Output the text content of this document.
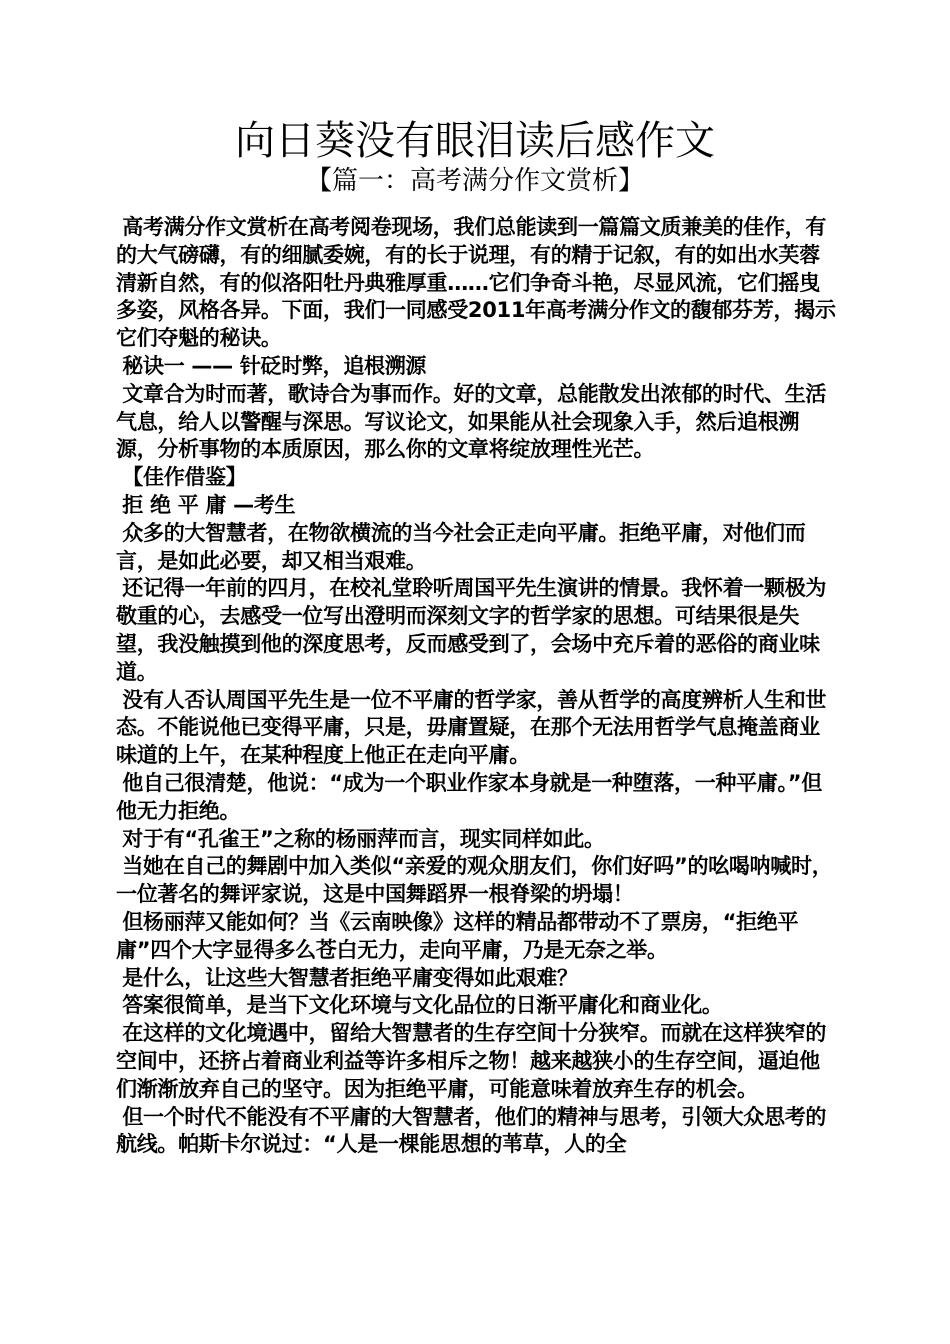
向日葵没有眼泪读后感作文
【篇一：高考满分作文赏析】

高考满分作文赏析在高考阅卷现场，我们总能读到一篇篇文质兼美的佳作，有的大气磅礴，有的细腻委婉，有的长于说理，有的精于记叙，有的如出水芙蓉清新自然，有的似洛阳牡丹典雅厚重……它们争奇斗艳，尽显风流，它们摇曳多姿，风格各异。下面，我们一同感受2011年高考满分作文的馥郁芬芳，揭示它们夺魁的秘诀。

秘诀一 —— 针砭时弊，追根溯源

文章合为时而著，歌诗合为事而作。好的文章，总能散发出浓郁的时代、生活气息，给人以警醒与深思。写议论文，如果能从社会现象入手，然后追根溯源，分析事物的本质原因，那么你的文章将绽放理性光芒。

【佳作借鉴】

拒 绝 平 庸 —考生

众多的大智慧者，在物欲横流的当今社会正走向平庸。拒绝平庸，对他们而言，是如此必要，却又相当艰难。

还记得一年前的四月，在校礼堂聆听周国平先生演讲的情景。我怀着一颗极为敬重的心，去感受一位写出澄明而深刻文字的哲学家的思想。可结果很是失望，我没触摸到他的深度思考，反而感受到了，会场中充斥着的恶俗的商业味道。

没有人否认周国平先生是一位不平庸的哲学家，善从哲学的高度辨析人生和世态。不能说他已变得平庸，只是，毋庸置疑，在那个无法用哲学气息掩盖商业味道的上午，在某种程度上他正在走向平庸。

他自己很清楚，他说：“成为一个职业作家本身就是一种堕落，一种平庸。”但他无力拒绝。

对于有“孔雀王”之称的杨丽萍而言，现实同样如此。

当她在自己的舞剧中加入类似“亲爱的观众朋友们，你们好吗”的吆喝呐喊时，一位著名的舞评家说，这是中国舞蹈界一根脊梁的坍塌！

但杨丽萍又能如何？当《云南映像》这样的精品都带动不了票房，“拒绝平庸”四个大字显得多么苍白无力，走向平庸，乃是无奈之举。

是什么，让这些大智慧者拒绝平庸变得如此艰难？

答案很简单，是当下文化环境与文化品位的日渐平庸化和商业化。

在这样的文化境遇中，留给大智慧者的生存空间十分狭窄。而就在这样狭窄的空间中，还挤占着商业利益等许多相斥之物！越来越狭小的生存空间，逼迫他们渐渐放弃自己的坚守。因为拒绝平庸，可能意味着放弃生存的机会。

但一个时代不能没有不平庸的大智慧者，他们的精神与思考，引领大众思考的航线。帕斯卡尔说过：“人是一棵能思想的苇草，人的全
